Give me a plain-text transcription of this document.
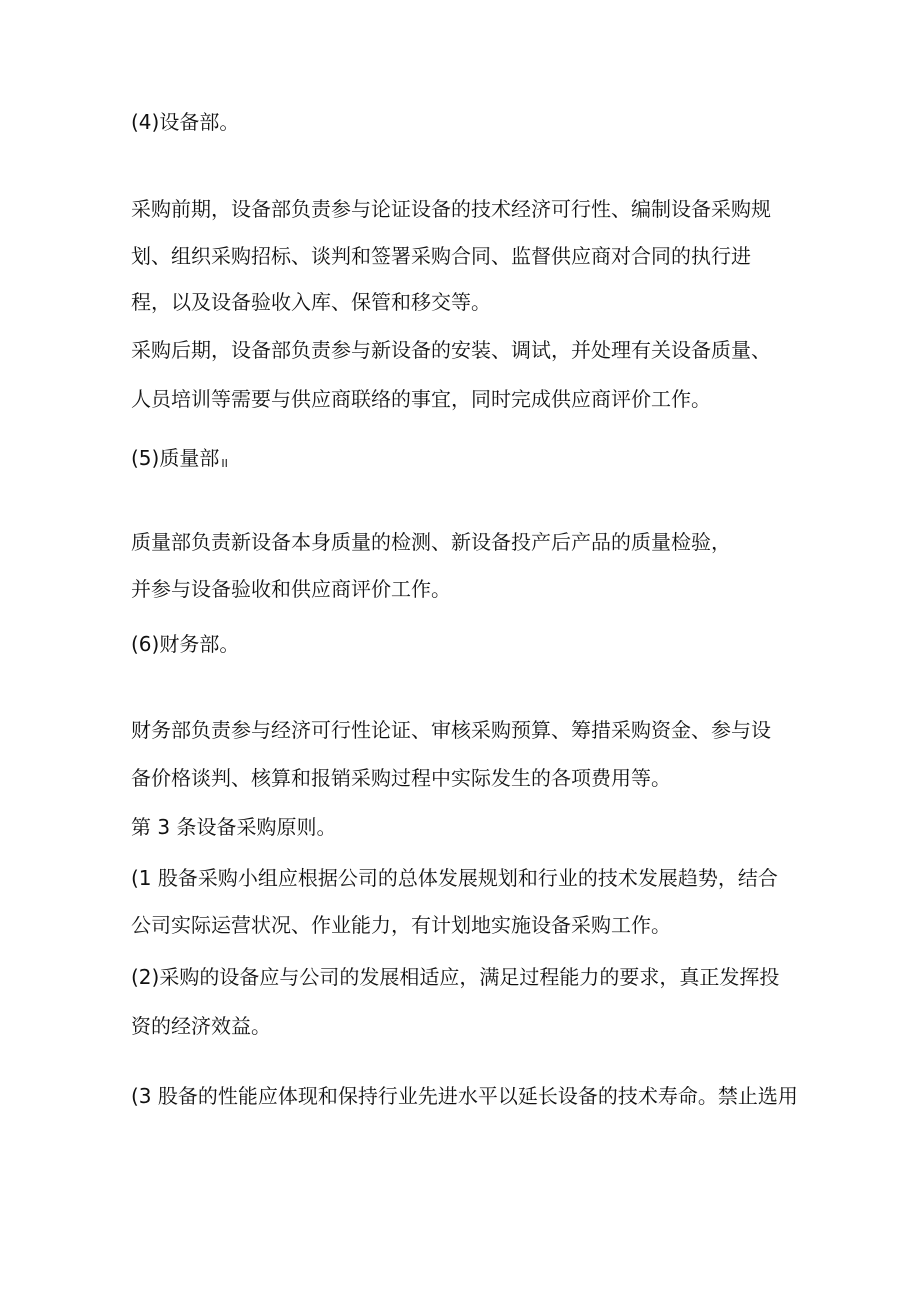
(4)设备部。
采购前期，设备部负责参与论证设备的技术经济可行性、编制设备采购规
划、组织采购招标、谈判和签署采购合同、监督供应商对合同的执行进
程，以及设备验收入库、保管和移交等。
采购后期，设备部负责参与新设备的安装、调试，并处理有关设备质量、
人员培训等需要与供应商联络的事宜，同时完成供应商评价工作。
(5)质量部 II
质量部负责新设备本身质量的检测、新设备投产后产品的质量检验，
并参与设备验收和供应商评价工作。
(6)财务部。
财务部负责参与经济可行性论证、审核采购预算、筹措采购资金、参与设
备价格谈判、核算和报销采购过程中实际发生的各项费用等。
第 3 条设备采购原则。
(1 股备采购小组应根据公司的总体发展规划和行业的技术发展趋势，结合
公司实际运营状况、作业能力，有计划地实施设备采购工作。
(2)采购的设备应与公司的发展相适应，满足过程能力的要求，真正发挥投
资的经济效益。
(3 股备的性能应体现和保持行业先进水平以延长设备的技术寿命。禁止选用
